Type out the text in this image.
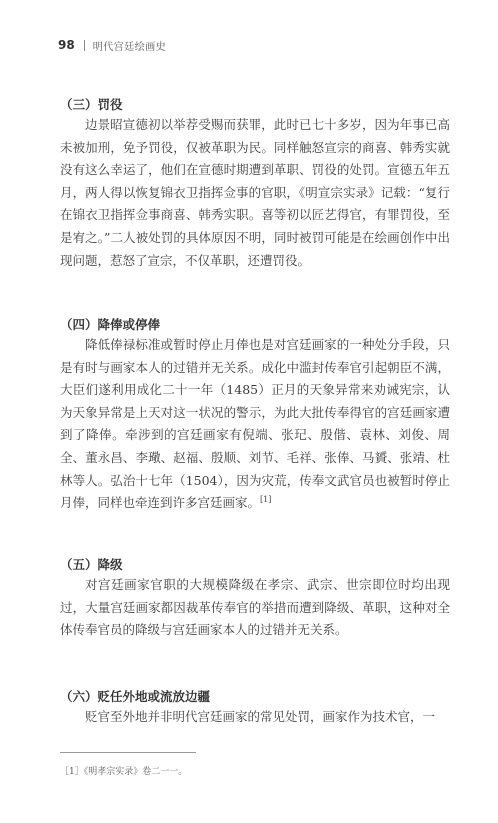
98 明代宫廷绘画史
（三）罚役

边景昭宣德初以举荐受赐而获罪，此时已七十多岁，因为年事已高未被加刑，免予罚役，仅被革职为民。同样触怒宣宗的商喜、韩秀实就没有这么幸运了，他们在宣德时期遭到革职、罚役的处罚。宣德五年五月，两人得以恢复锦衣卫指挥佥事的官职，《明宣宗实录》记载：“复行在锦衣卫指挥佥事商喜、韩秀实职。喜等初以匠艺得官，有罪罚役，至是宥之。”二人被处罚的具体原因不明，同时被罚可能是在绘画创作中出现问题，惹怒了宣宗，不仅革职，还遭罚役。

（四）降俸或停俸

降低俸禄标准或暂时停止月俸也是对宫廷画家的一种处分手段，只是有时与画家本人的过错并无关系。成化中滥封传奉官引起朝臣不满，大臣们遂利用成化二十一年（1485）正月的天象异常来劝诫宪宗，认为天象异常是上天对这一状况的警示，为此大批传奉得官的宫廷画家遭到了降俸。牵涉到的宫廷画家有倪端、张玘、殷偕、袁林、刘俊、周全、董永昌、李璥、赵福、殷顺、刘节、毛祥、张俸、马贇、张靖、杜林等人。弘治十七年（1504），因为灾荒，传奉文武官员也被暂时停止月俸，同样也牵连到许多宫廷画家。[1]

（五）降级

对宫廷画家官职的大规模降级在孝宗、武宗、世宗即位时均出现过，大量宫廷画家都因裁革传奉官的举措而遭到降级、革职，这种对全体传奉官员的降级与宫廷画家本人的过错并无关系。

（六）贬任外地或流放边疆

贬官至外地并非明代宫廷画家的常见处罚，画家作为技术官，一

［1］《明孝宗实录》卷二一一。
